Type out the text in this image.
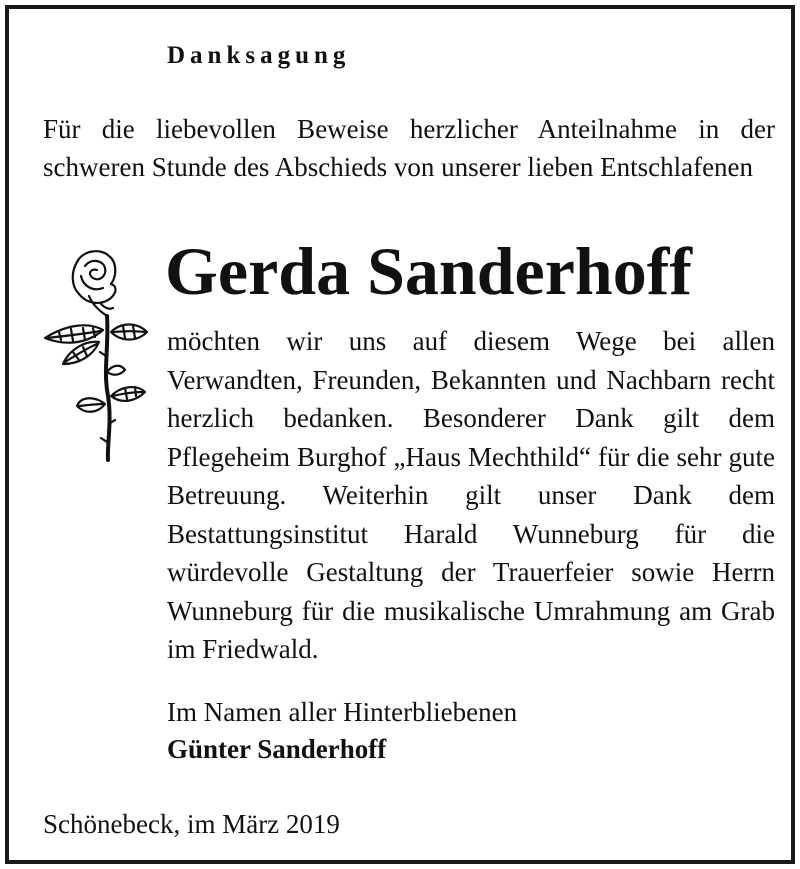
Danksagung
Für die liebevollen Beweise herzlicher Anteilnahme in der schweren Stunde des Abschieds von unserer lieben Entschlafenen
Gerda Sanderhoff
möchten wir uns auf diesem Wege bei allen Verwandten, Freunden, Bekannten und Nachbarn recht herzlich bedanken. Besonderer Dank gilt dem Pflegeheim Burghof „Haus Mechthild“ für die sehr gute Betreuung. Weiterhin gilt unser Dank dem Bestattungsinstitut Harald Wunneburg für die würdevolle Gestaltung der Trauerfeier sowie Herrn Wunneburg für die musikalische Umrahmung am Grab im Friedwald.
Im Namen aller Hinterbliebenen
Günter Sanderhoff
Schönebeck, im März 2019
